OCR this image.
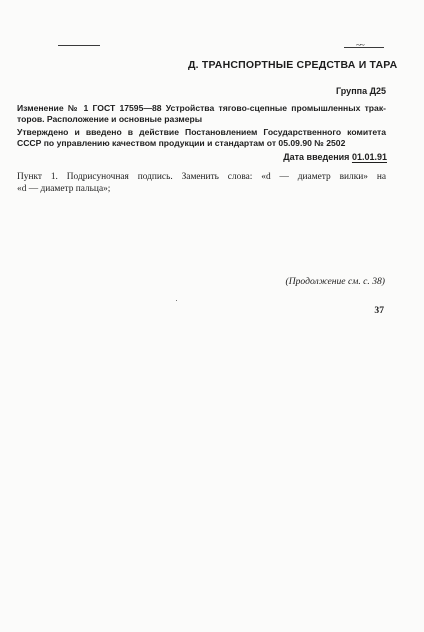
~~
Д. ТРАНСПОРТНЫЕ СРЕДСТВА И ТАРА
Группа Д25
Изменение № 1 ГОСТ 17595—88 Устройства тягово-сцепные промышленных трак-
торов. Расположение и основные размеры
Утверждено и введено в действие Постановлением Государственного комитета
СССР по управлению качеством продукции и стандартам от 05.09.90 № 2502
Дата введения 01.01.91
Пункт 1. Подрисуночная подпись. Заменить слова: «d — диаметр вилки» на
«d — диаметр пальца»;
(Продолжение см. с. 38)
37
